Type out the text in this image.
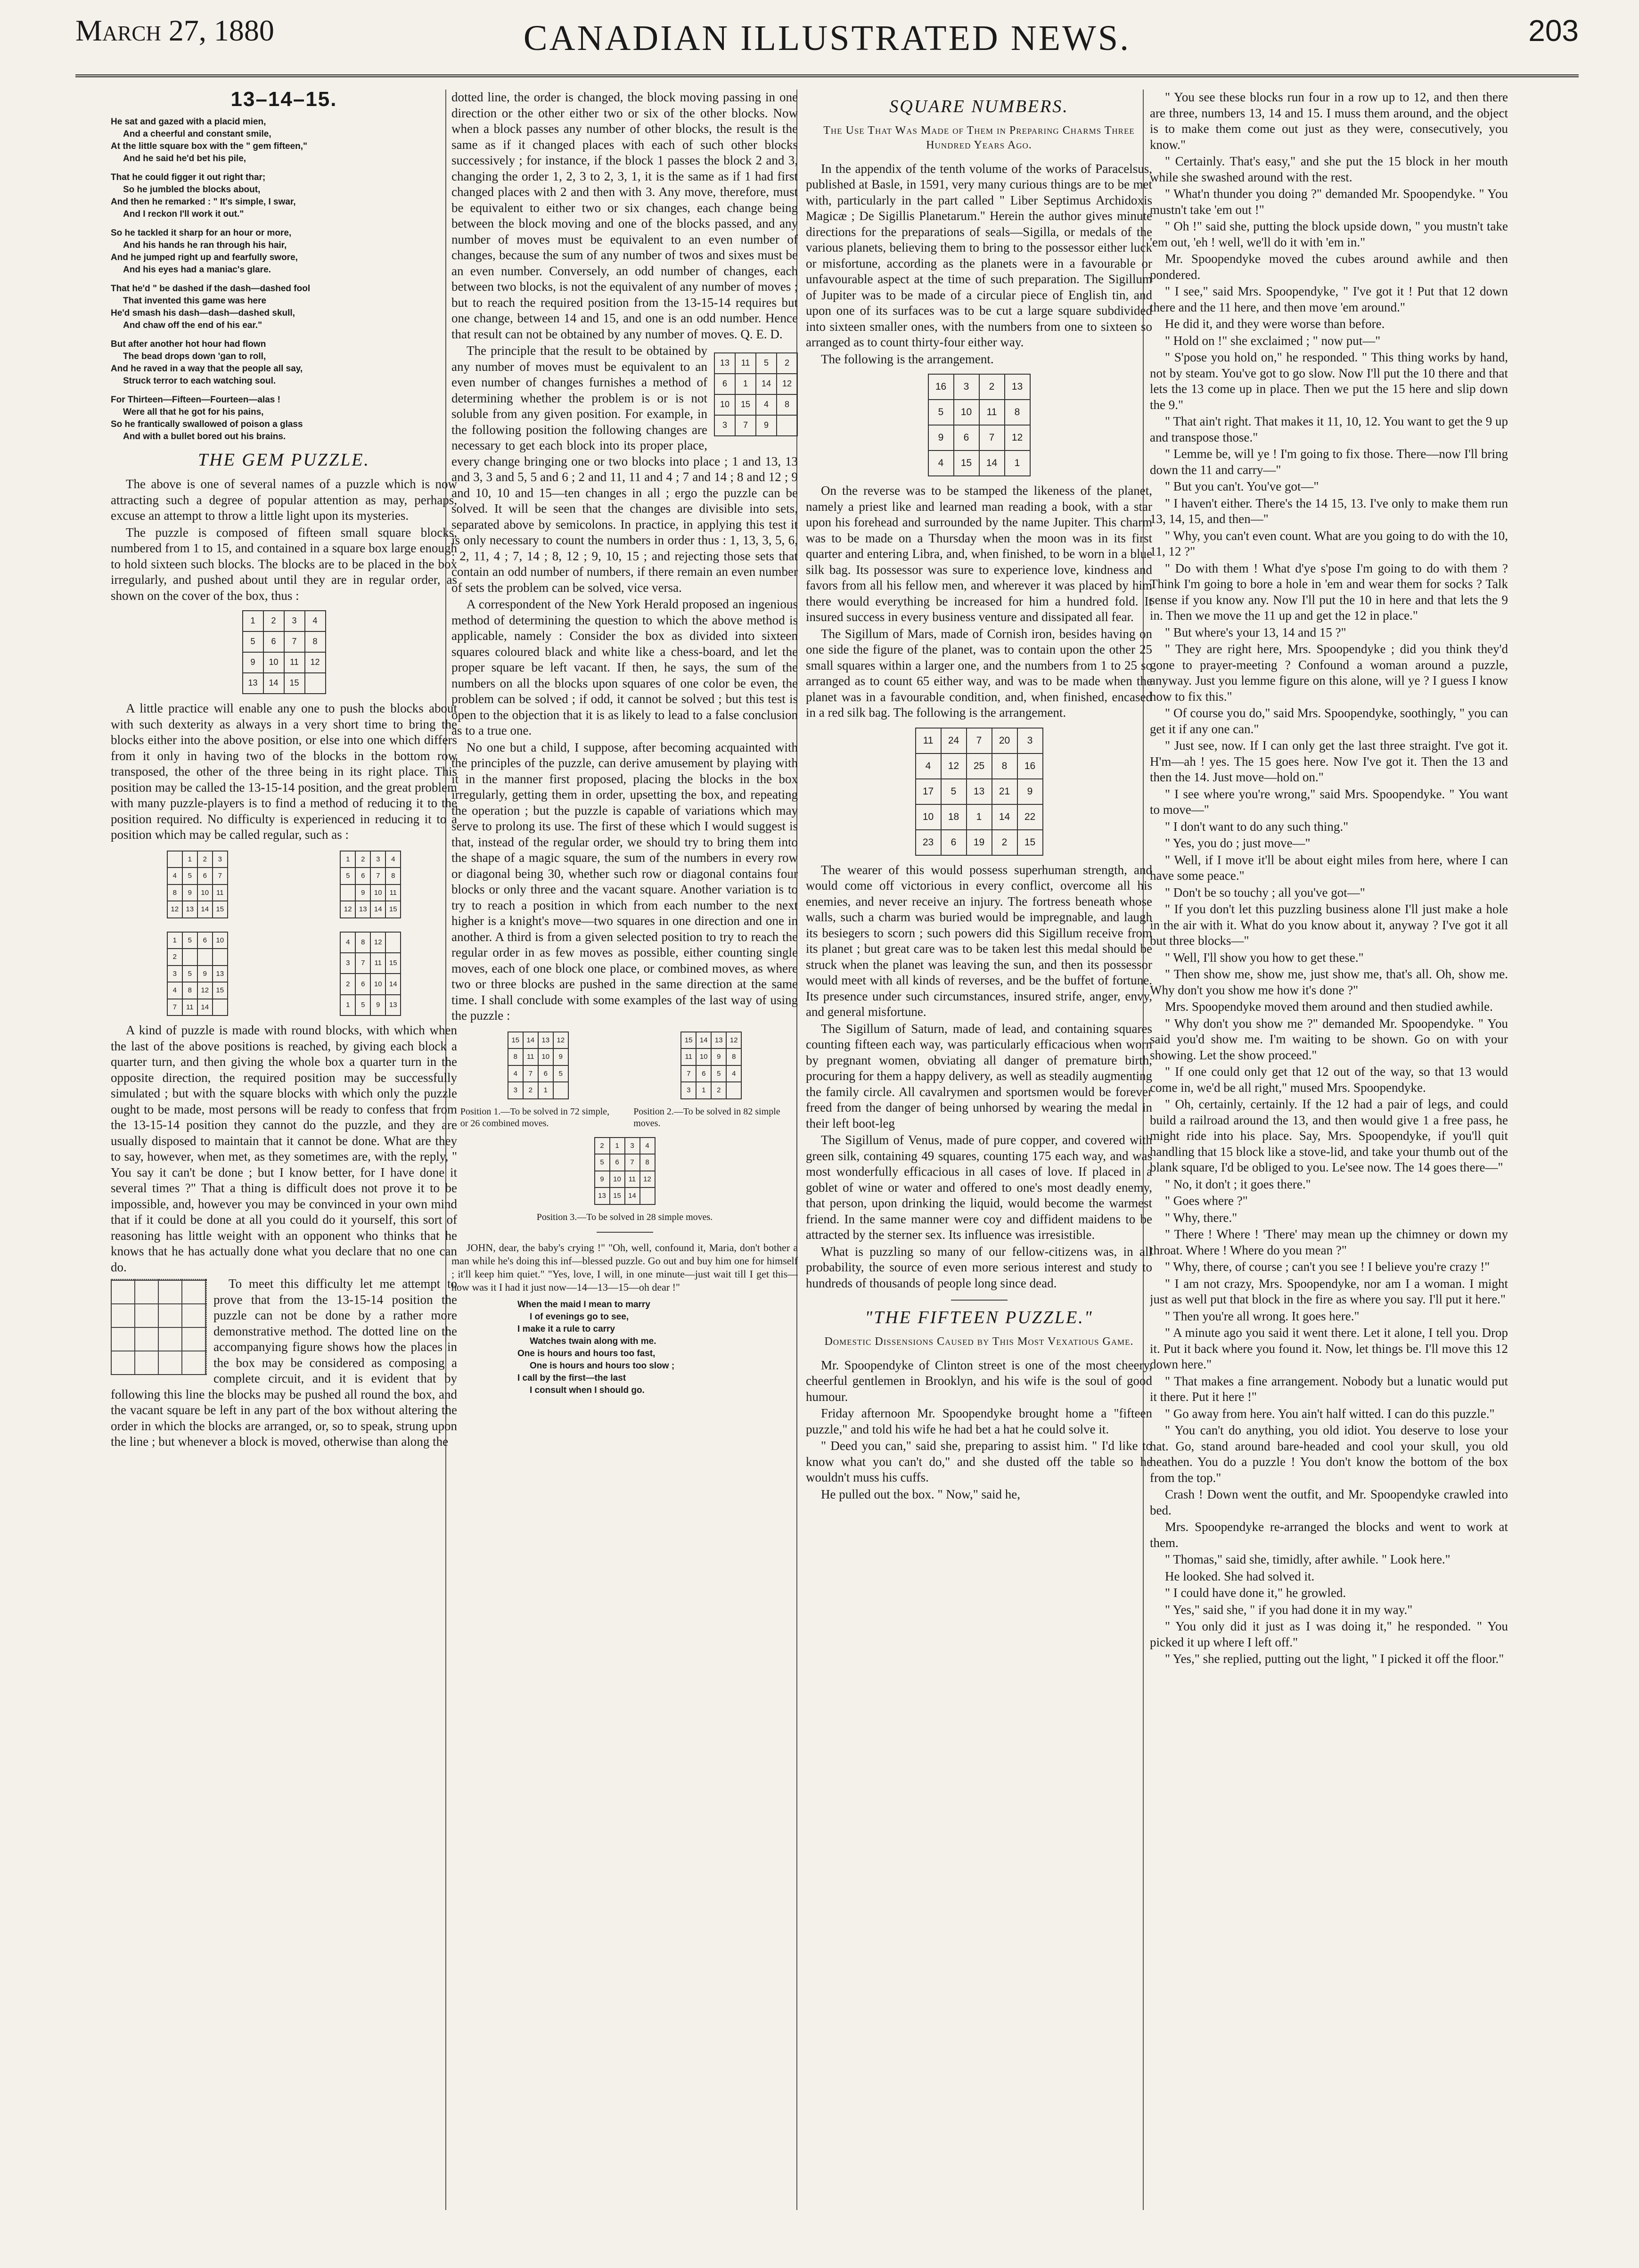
March 27, 1880	CANADIAN ILLUSTRATED NEWS.	203
13–14–15.
He sat and gazed with a placid mien,
And a cheerful and constant smile,
At the little square box with the " gem fifteen,"
And he said he'd bet his pile,
That he could figger it out right thar;
So he jumbled the blocks about,
And then he remarked : " It's simple, I swar,
And I reckon I'll work it out."
So he tackled it sharp for an hour or more,
And his hands he ran through his hair,
And he jumped right up and fearfully swore,
And his eyes had a maniac's glare.
That he'd " be dashed if the dash—dashed fool
That invented this game was here
He'd smash his dash—dash—dashed skull,
And chaw off the end of his ear."
But after another hot hour had flown
The bead drops down 'gan to roll,
And he raved in a way that the people all say,
Struck terror to each watching soul.
For Thirteen—Fifteen—Fourteen—alas !
Were all that he got for his pains,
So he frantically swallowed of poison a glass
And with a bullet bored out his brains.
THE GEM PUZZLE.

The above is one of several names of a puzzle which is now attracting such a degree of popular attention as may, perhaps, excuse an attempt to throw a little light upon its mysteries.

The puzzle is composed of fifteen small square blocks, numbered from 1 to 15, and contained in a square box large enough to hold sixteen such blocks. The blocks are to be placed in the box irregularly, and pushed about until they are in regular order, as shown on the cover of the box, thus :

1	2	3	4
5	6	7	8
9	10	11	12
13	14	15	

A little practice will enable any one to push the blocks about with such dexterity as always in a very short time to bring the blocks either into the above position, or else into one which differs from it only in having two of the blocks in the bottom row transposed, the other of the three being in its right place. This position may be called the 13-15-14 position, and the great problem with many puzzle-players is to find a method of reducing it to the position required. No difficulty is experienced in reducing it to a position which may be called regular, such as :

	1	2	3
4	5	6	7
8	9	10	11
12	13	14	15
1	2	3	4
5	6	7	8
	9	10	11
12	13	14	15
1	5	6	10
2			
3	5	9	13
4	8	12	15
7	11	14	
4	8	12	
3	7	11	15
2	6	10	14
1	5	9	13

A kind of puzzle is made with round blocks, with which when the last of the above positions is reached, by giving each block a quarter turn, and then giving the whole box a quarter turn in the opposite direction, the required position may be successfully simulated ; but with the square blocks with which only the puzzle ought to be made, most persons will be ready to confess that from the 13-15-14 position they cannot do the puzzle, and they are usually disposed to maintain that it cannot be done. What are they to say, however, when met, as they sometimes are, with the reply, " You say it can't be done ; but I know better, for I have done it several times ?" That a thing is difficult does not prove it to be impossible, and, however you may be convinced in your own mind that if it could be done at all you could do it yourself, this sort of reasoning has little weight with an opponent who thinks that he knows that he has actually done what you declare that no one can do.

To meet this difficulty let me attempt to prove that from the 13-15-14 position the puzzle can not be done by a rather more demonstrative method. The dotted line on the accompanying figure shows how the places in the box may be considered as composing a complete circuit, and it is evident that by following this line the blocks may be pushed all round the box, and the vacant square be left in any part of the box without altering the order in which the blocks are arranged, or, so to speak, strung upon the line ; but whenever a block is moved, otherwise than along the

dotted line, the order is changed, the block moving passing in one direction or the other either two or six of the other blocks. Now when a block passes any number of other blocks, the result is the same as if it changed places with each of such other blocks successively ; for instance, if the block 1 passes the block 2 and 3, changing the order 1, 2, 3 to 2, 3, 1, it is the same as if 1 had first changed places with 2 and then with 3. Any move, therefore, must be equivalent to either two or six changes, each change being between the block moving and one of the blocks passed, and any number of moves must be equivalent to an even number of changes, because the sum of any number of twos and sixes must be an even number. Conversely, an odd number of changes, each between two blocks, is not the equivalent of any number of moves ; but to reach the required position from the 13-15-14 requires but one change, between 14 and 15, and one is an odd number. Hence that result can not be obtained by any number of moves. Q. E. D.

13	11	5	2
6	1	14	12
10	15	4	8
3	7	9	

The principle that the result to be obtained by any number of moves must be equivalent to an even number of changes furnishes a method of determining whether the problem is or is not soluble from any given position. For example, in the following position the following changes are necessary to get each block into its proper place, every change bringing one or two blocks into place ; 1 and 13, 13 and 3, 3 and 5, 5 and 6 ; 2 and 11, 11 and 4 ; 7 and 14 ; 8 and 12 ; 9 and 10, 10 and 15—ten changes in all ; ergo the puzzle can be solved. It will be seen that the changes are divisible into sets, separated above by semicolons. In practice, in applying this test it is only necessary to count the numbers in order thus : 1, 13, 3, 5, 6, ; 2, 11, 4 ; 7, 14 ; 8, 12 ; 9, 10, 15 ; and rejecting those sets that contain an odd number of numbers, if there remain an even number of sets the problem can be solved, vice versa.

A correspondent of the New York Herald proposed an ingenious method of determining the question to which the above method is applicable, namely : Consider the box as divided into sixteen squares coloured black and white like a chess-board, and let the proper square be left vacant. If then, he says, the sum of the numbers on all the blocks upon squares of one color be even, the problem can be solved ; if odd, it cannot be solved ; but this test is open to the objection that it is as likely to lead to a false conclusion as to a true one.

No one but a child, I suppose, after becoming acquainted with the principles of the puzzle, can derive amusement by playing with it in the manner first proposed, placing the blocks in the box irregularly, getting them in order, upsetting the box, and repeating the operation ; but the puzzle is capable of variations which may serve to prolong its use. The first of these which I would suggest is that, instead of the regular order, we should try to bring them into the shape of a magic square, the sum of the numbers in every row or diagonal being 30, whether such row or diagonal contains four blocks or only three and the vacant square. Another variation is to try to reach a position in which from each number to the next higher is a knight's move—two squares in one direction and one in another. A third is from a given selected position to try to reach the regular order in as few moves as possible, either counting single moves, each of one block one place, or combined moves, as where two or three blocks are pushed in the same direction at the same time. I shall conclude with some examples of the last way of using the puzzle :

15	14	13	12
8	11	10	9
4	7	6	5
3	2	1	

Position 1.—To be solved in 72 simple, or 26 combined moves.

15	14	13	12
11	10	9	8
7	6	5	4
3	1	2	

Position 2.—To be solved in 82 simple moves.

2	1	3	4
5	6	7	8
9	10	11	12
13	15	14	

Position 3.—To be solved in 28 simple moves.

JOHN, dear, the baby's crying !" "Oh, well, confound it, Maria, don't bother a man while he's doing this inf—blessed puzzle. Go out and buy him one for himself ; it'll keep him quiet." "Yes, love, I will, in one minute—just wait till I get this—how was it I had it just now—14—13—15—oh dear !"

When the maid I mean to marry
I of evenings go to see,
I make it a rule to carry
Watches twain along with me.
One is hours and hours too fast,
One is hours and hours too slow ;
I call by the first—the last
I consult when I should go.
SQUARE NUMBERS.
The Use That Was Made of Them in Preparing Charms Three Hundred Years Ago.

In the appendix of the tenth volume of the works of Paracelsus, published at Basle, in 1591, very many curious things are to be met with, particularly in the part called " Liber Septimus Archidoxis Magicæ ; De Sigillis Planetarum." Herein the author gives minute directions for the preparations of seals—Sigilla, or medals of the various planets, believing them to bring to the possessor either luck or misfortune, according as the planets were in a favourable or unfavourable aspect at the time of such preparation. The Sigillum of Jupiter was to be made of a circular piece of English tin, and upon one of its surfaces was to be cut a large square subdivided into sixteen smaller ones, with the numbers from one to sixteen so arranged as to count thirty-four either way.

The following is the arrangement.

16	3	2	13
5	10	11	8
9	6	7	12
4	15	14	1

On the reverse was to be stamped the likeness of the planet, namely a priest like and learned man reading a book, with a star upon his forehead and surrounded by the name Jupiter. This charm was to be made on a Thursday when the moon was in its first quarter and entering Libra, and, when finished, to be worn in a blue silk bag. Its possessor was sure to experience love, kindness and favors from all his fellow men, and wherever it was placed by him there would everything be increased for him a hundred fold. It insured success in every business venture and dissipated all fear.

The Sigillum of Mars, made of Cornish iron, besides having on one side the figure of the planet, was to contain upon the other 25 small squares within a larger one, and the numbers from 1 to 25 so arranged as to count 65 either way, and was to be made when the planet was in a favourable condition, and, when finished, encased in a red silk bag. The following is the arrangement.

11	24	7	20	3
4	12	25	8	16
17	5	13	21	9
10	18	1	14	22
23	6	19	2	15

The wearer of this would possess superhuman strength, and would come off victorious in every conflict, overcome all his enemies, and never receive an injury. The fortress beneath whose walls, such a charm was buried would be impregnable, and laugh its besiegers to scorn ; such powers did this Sigillum receive from its planet ; but great care was to be taken lest this medal should be struck when the planet was leaving the sun, and then its possessor would meet with all kinds of reverses, and be the buffet of fortune. Its presence under such circumstances, insured strife, anger, envy, and general misfortune.

The Sigillum of Saturn, made of lead, and containing squares counting fifteen each way, was particularly efficacious when worn by pregnant women, obviating all danger of premature birth, procuring for them a happy delivery, as well as steadily augmenting the family circle. All cavalrymen and sportsmen would be forever freed from the danger of being unhorsed by wearing the medal in their left boot-leg

The Sigillum of Venus, made of pure copper, and covered with green silk, containing 49 squares, counting 175 each way, and was most wonderfully efficacious in all cases of love. If placed in a goblet of wine or water and offered to one's most deadly enemy, that person, upon drinking the liquid, would become the warmest friend. In the same manner were coy and diffident maidens to be attracted by the sterner sex. Its influence was irresistible.

What is puzzling so many of our fellow-citizens was, in all probability, the source of even more serious interest and study to hundreds of thousands of people long since dead.

"THE FIFTEEN PUZZLE."
Domestic Dissensions Caused by This Most Vexatious Game.

Mr. Spoopendyke of Clinton street is one of the most cheery, cheerful gentlemen in Brooklyn, and his wife is the soul of good humour.

Friday afternoon Mr. Spoopendyke brought home a "fifteen puzzle," and told his wife he had bet a hat he could solve it.

" Deed you can," said she, preparing to assist him. " I'd like to know what you can't do," and she dusted off the table so he wouldn't muss his cuffs.

He pulled out the box. " Now," said he,

" You see these blocks run four in a row up to 12, and then there are three, numbers 13, 14 and 15. I muss them around, and the object is to make them come out just as they were, consecutively, you know."

" Certainly. That's easy," and she put the 15 block in her mouth while she swashed around with the rest.

" What'n thunder you doing ?" demanded Mr. Spoopendyke. " You mustn't take 'em out !"

" Oh !" said she, putting the block upside down, " you mustn't take 'em out, 'eh ! well, we'll do it with 'em in."

Mr. Spoopendyke moved the cubes around awhile and then pondered.

" I see," said Mrs. Spoopendyke, " I've got it ! Put that 12 down there and the 11 here, and then move 'em around."

He did it, and they were worse than before.

" Hold on !" she exclaimed ; " now put—"

" S'pose you hold on," he responded. " This thing works by hand, not by steam. You've got to go slow. Now I'll put the 10 there and that lets the 13 come up in place. Then we put the 15 here and slip down the 9."

" That ain't right. That makes it 11, 10, 12. You want to get the 9 up and transpose those."

" Lemme be, will ye ! I'm going to fix those. There—now I'll bring down the 11 and carry—"

" But you can't. You've got—"

" I haven't either. There's the 14 15, 13. I've only to make them run 13, 14, 15, and then—"

" Why, you can't even count. What are you going to do with the 10, 11, 12 ?"

" Do with them ! What d'ye s'pose I'm going to do with them ? Think I'm going to bore a hole in 'em and wear them for socks ? Talk sense if you know any. Now I'll put the 10 in here and that lets the 9 in. Then we move the 11 up and get the 12 in place."

" But where's your 13, 14 and 15 ?"

" They are right here, Mrs. Spoopendyke ; did you think they'd gone to prayer-meeting ? Confound a woman around a puzzle, anyway. Just you lemme figure on this alone, will ye ? I guess I know how to fix this."

" Of course you do," said Mrs. Spoopendyke, soothingly, " you can get it if any one can."

" Just see, now. If I can only get the last three straight. I've got it. H'm—ah ! yes. The 15 goes here. Now I've got it. Then the 13 and then the 14. Just move—hold on."

" I see where you're wrong," said Mrs. Spoopendyke. " You want to move—"

" I don't want to do any such thing."

" Yes, you do ; just move—"

" Well, if I move it'll be about eight miles from here, where I can have some peace."

" Don't be so touchy ; all you've got—"

" If you don't let this puzzling business alone I'll just make a hole in the air with it. What do you know about it, anyway ? I've got it all but three blocks—"

" Well, I'll show you how to get these."

" Then show me, show me, just show me, that's all. Oh, show me. Why don't you show me how it's done ?"

Mrs. Spoopendyke moved them around and then studied awhile.

" Why don't you show me ?" demanded Mr. Spoopendyke. " You said you'd show me. I'm waiting to be shown. Go on with your showing. Let the show proceed."

" If one could only get that 12 out of the way, so that 13 would come in, we'd be all right," mused Mrs. Spoopendyke.

" Oh, certainly, certainly. If the 12 had a pair of legs, and could build a railroad around the 13, and then would give 1 a free pass, he might ride into his place. Say, Mrs. Spoopendyke, if you'll quit handling that 15 block like a stove-lid, and take your thumb out of the blank square, I'd be obliged to you. Le'see now. The 14 goes there—"

" No, it don't ; it goes there."

" Goes where ?"

" Why, there."

" There ! Where ! 'There' may mean up the chimney or down my throat. Where ! Where do you mean ?"

" Why, there, of course ; can't you see ! I believe you're crazy !"

" I am not crazy, Mrs. Spoopendyke, nor am I a woman. I might just as well put that block in the fire as where you say. I'll put it here."

" Then you're all wrong. It goes here."

" A minute ago you said it went there. Let it alone, I tell you. Drop it. Put it back where you found it. Now, let things be. I'll move this 12 down here."

" That makes a fine arrangement. Nobody but a lunatic would put it there. Put it here !"

" Go away from here. You ain't half witted. I can do this puzzle."

" You can't do anything, you old idiot. You deserve to lose your hat. Go, stand around bare-headed and cool your skull, you old heathen. You do a puzzle ! You don't know the bottom of the box from the top."

Crash ! Down went the outfit, and Mr. Spoopendyke crawled into bed.

Mrs. Spoopendyke re-arranged the blocks and went to work at them.

" Thomas," said she, timidly, after awhile. " Look here."

He looked. She had solved it.

" I could have done it," he growled.

" Yes," said she, " if you had done it in my way."

" You only did it just as I was doing it," he responded. " You picked it up where I left off."

" Yes," she replied, putting out the light, " I picked it off the floor."
